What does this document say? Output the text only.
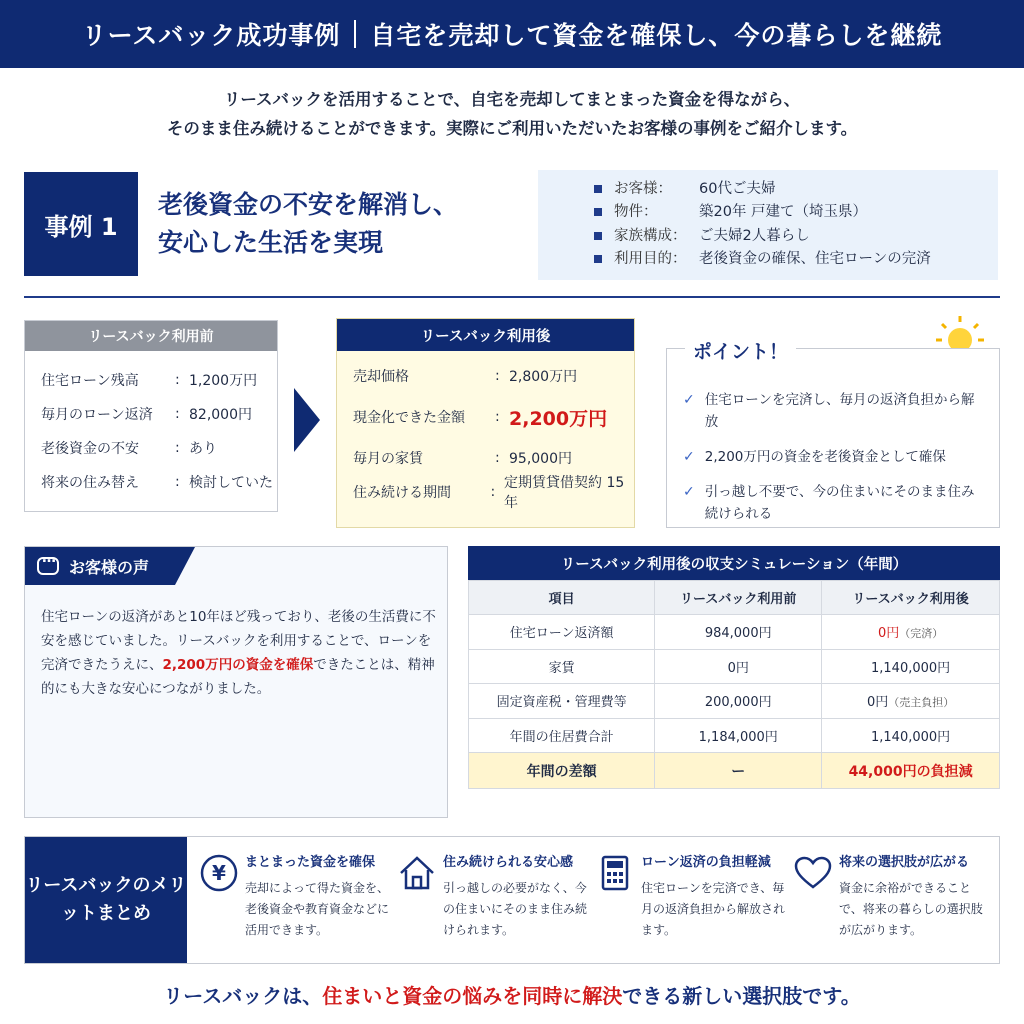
リースバック成功事例 自宅を売却して資金を確保し、今の暮らしを継続
リースバックを活用することで、自宅を売却してまとまった資金を得ながら、
そのまま住み続けることができます。実際にご利用いただいたお客様の事例をご紹介します。
事例 1
老後資金の不安を解消し、
安心した生活を実現
お客様：	60代ご夫婦
物件：	築20年 戸建て（埼玉県）
家族構成： ご夫婦2人暮らし
利用目的： 老後資金の確保、住宅ローンの完済
リースバック利用前
住宅ローン残高	: 1,200万円
毎月のローン返済	: 82,000円
老後資金の不安	: あり
将来の住み替え	: 検討していた
リースバック利用後
売却価格	: 2,800万円
現金化できた金額	: 2,200万円
毎月の家賃	: 95,000円
住み続ける期間	:
定期賃貸借契約 15年
ポイント！
✓ 住宅ローンを完済し、毎月の返済負担から解放
✓ 2,200万円の資金を老後資金として確保
✓ 引っ越し不要で、今の住まいにそのまま住み続けられる
…
お客様の声

住宅ローンの返済があと10年ほど残っており、老後の生活費に不安を感じていました。リースバックを利用することで、ローンを完済できたうえに、2,200万円の資金を確保できたことは、精神的にも大きな安心につながりました。

リースバック利用後の収支シミュレーション（年間）
項目	リースバック利用前	リースバック利用後
住宅ローン返済額	984,000円	0円（完済）
家賃	0円	1,140,000円
固定資産税・管理費等	200,000円	0円（売主負担）
年間の住居費合計	1,184,000円	1,140,000円
年間の差額	ー	44,000円の負担減
リースバックのメリットまとめ
¥ まとまった資金を確保
売却によって得た資金を、老後資金や教育資金などに活用できます。
住み続けられる安心感
引っ越しの必要がなく、今の住まいにそのまま住み続けられます。
ローン返済の負担軽減
住宅ローンを完済でき、毎月の返済負担から解放されます。
将来の選択肢が広がる
資金に余裕ができることで、将来の暮らしの選択肢が広がります。
リースバックは、住まいと資金の悩みを同時に解決できる新しい選択肢です。
